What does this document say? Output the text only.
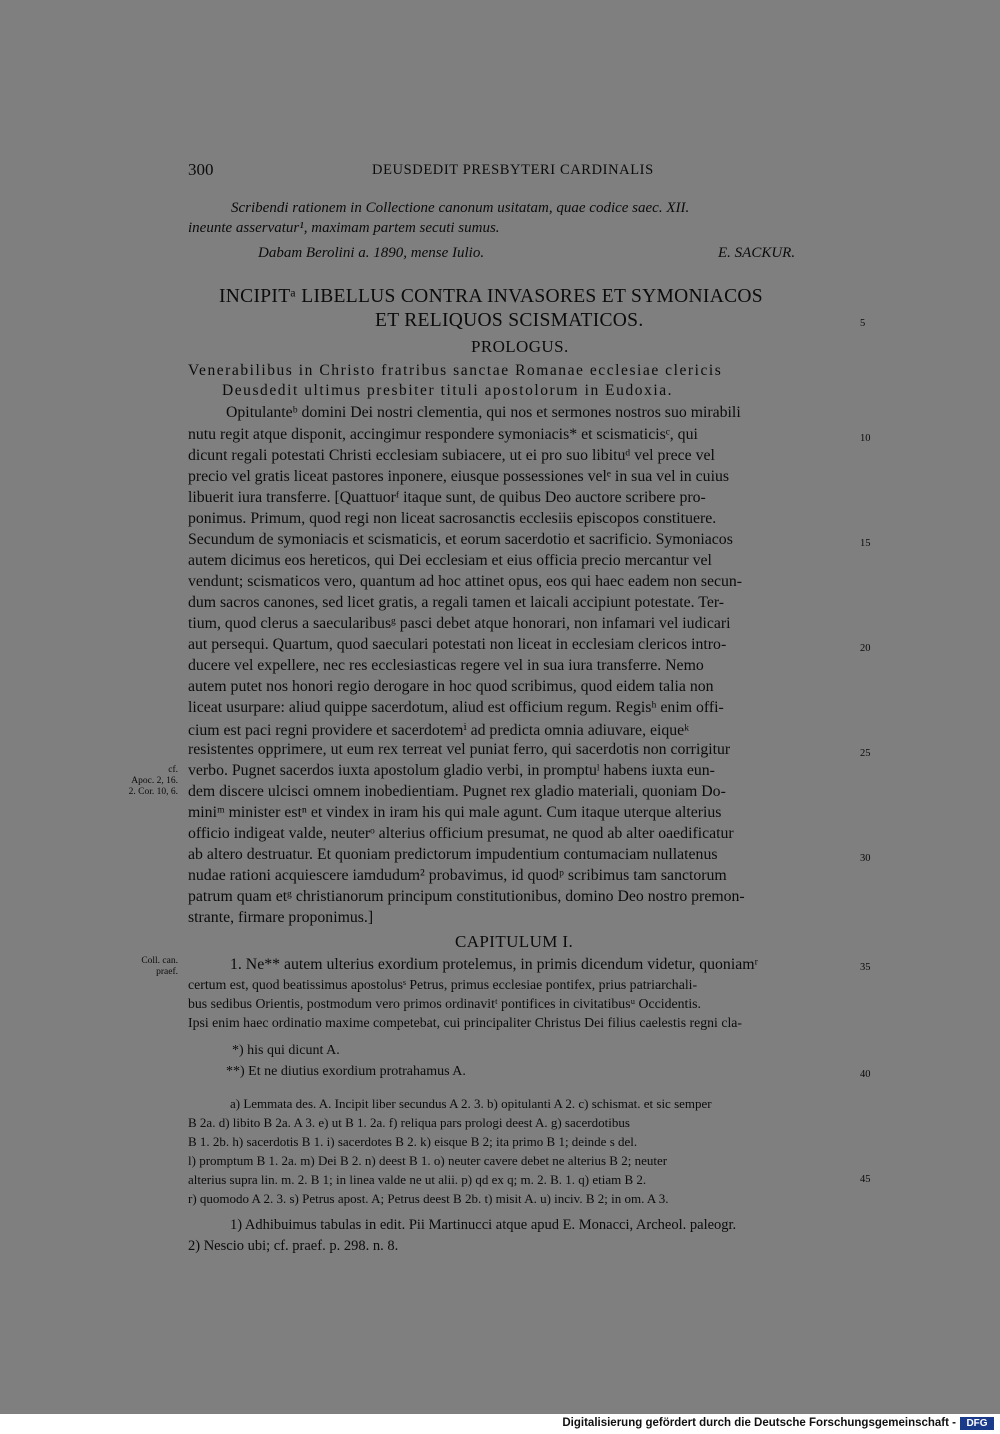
300	DEUSDEDIT PRESBYTERI CARDINALIS
Scribendi rationem in Collectione canonum usitatam, quae codice saec. XII.
ineunte asservatur¹, maximam partem secuti sumus.
Dabam Berolini a. 1890, mense Iulio.	E. SACKUR.
INCIPITᵃ LIBELLUS CONTRA INVASORES ET SYMONIACOS
ET RELIQUOS SCISMATICOS.
PROLOGUS.
Venerabilibus in Christo fratribus sanctae Romanae ecclesiae clericis
Deusdedit ultimus presbiter tituli apostolorum in Eudoxia.
Opitulanteᵇ domini Dei nostri clementia, qui nos et sermones nostros suo mirabili
nutu regit atque disponit, accingimur respondere symoniacis* et scismaticisᶜ, qui
dicunt regali potestati Christi ecclesiam subiacere, ut ei pro suo libituᵈ vel prece vel
precio vel gratis liceat pastores inponere, eiusque possessiones velᵉ in sua vel in cuius
libuerit iura transferre. [Quattuorᶠ itaque sunt, de quibus Deo auctore scribere pro-
ponimus. Primum, quod regi non liceat sacrosanctis ecclesiis episcopos constituere.
Secundum de symoniacis et scismaticis, et eorum sacerdotio et sacrificio. Symoniacos
autem dicimus eos hereticos, qui Dei ecclesiam et eius officia precio mercantur vel
vendunt; scismaticos vero, quantum ad hoc attinet opus, eos qui haec eadem non secun-
dum sacros canones, sed licet gratis, a regali tamen et laicali accipiunt potestate. Ter-
tium, quod clerus a saecularibusᵍ pasci debet atque honorari, non infamari vel iudicari
aut persequi. Quartum, quod saeculari potestati non liceat in ecclesiam clericos intro-
ducere vel expellere, nec res ecclesiasticas regere vel in sua iura transferre. Nemo
autem putet nos honori regio derogare in hoc quod scribimus, quod eidem talia non
liceat usurpare: aliud quippe sacerdotum, aliud est officium regum. Regisʰ enim offi-
cium est paci regni providere et sacerdotemⁱ ad predicta omnia adiuvare, eiqueᵏ
resistentes opprimere, ut eum rex terreat vel puniat ferro, qui sacerdotis non corrigitur
verbo. Pugnet sacerdos iuxta apostolum gladio verbi, in promptuˡ habens iuxta eun-
dem discere ulcisci omnem inobedientiam. Pugnet rex gladio materiali, quoniam Do-
miniᵐ minister estⁿ et vindex in iram his qui male agunt. Cum itaque uterque alterius
officio indigeat valde, neuterᵒ alterius officium presumat, ne quod ab alter oaedificatur
ab altero destruatur. Et quoniam predictorum impudentium contumaciam nullatenus
nudae rationi acquiescere iamdudum² probavimus, id quodᵖ scribimus tam sanctorum
patrum quam etᵍ christianorum principum constitutionibus, domino Deo nostro premon-
strante, firmare proponimus.]
CAPITULUM I.
1. Ne** autem ulterius exordium protelemus, in primis dicendum videtur, quoniamʳ
certum est, quod beatissimus apostolusˢ Petrus, primus ecclesiae pontifex, prius patriarchali-
bus sedibus Orientis, postmodum vero primos ordinavitᵗ pontifices in civitatibusᵘ Occidentis.
Ipsi enim haec ordinatio maxime competebat, cui principaliter Christus Dei filius caelestis regni cla-
*) his qui dicunt A.
**) Et ne diutius exordium protrahamus A.
a) Lemmata des. A. Incipit liber secundus A 2. 3. b) opitulanti A 2. c) schismat. et sic semper
B 2a. d) libito B 2a. A 3. e) ut B 1. 2a. f) reliqua pars prologi deest A. g) sacerdotibus
B 1. 2b. h) sacerdotis B 1. i) sacerdotes B 2. k) eisque B 2; ita primo B 1; deinde s del.
l) promptum B 1. 2a. m) Dei B 2. n) deest B 1. o) neuter cavere debet ne alterius B 2; neuter
alterius supra lin. m. 2. B 1; in linea valde ne ut alii. p) qd ex q; m. 2. B. 1. q) etiam B 2.
r) quomodo A 2. 3. s) Petrus apost. A; Petrus deest B 2b. t) misit A. u) inciv. B 2; in om. A 3.
1) Adhibuimus tabulas in edit. Pii Martinucci atque apud E. Monacci, Archeol. paleogr.
2) Nescio ubi; cf. praef. p. 298. n. 8.
5
10
15
20
25
30
35
40
45
cf.
Apoc. 2, 16.
2. Cor. 10, 6.
Coll. can.
praef.
Digitalisierung gefördert durch die Deutsche Forschungsgemeinschaft -	DFG
